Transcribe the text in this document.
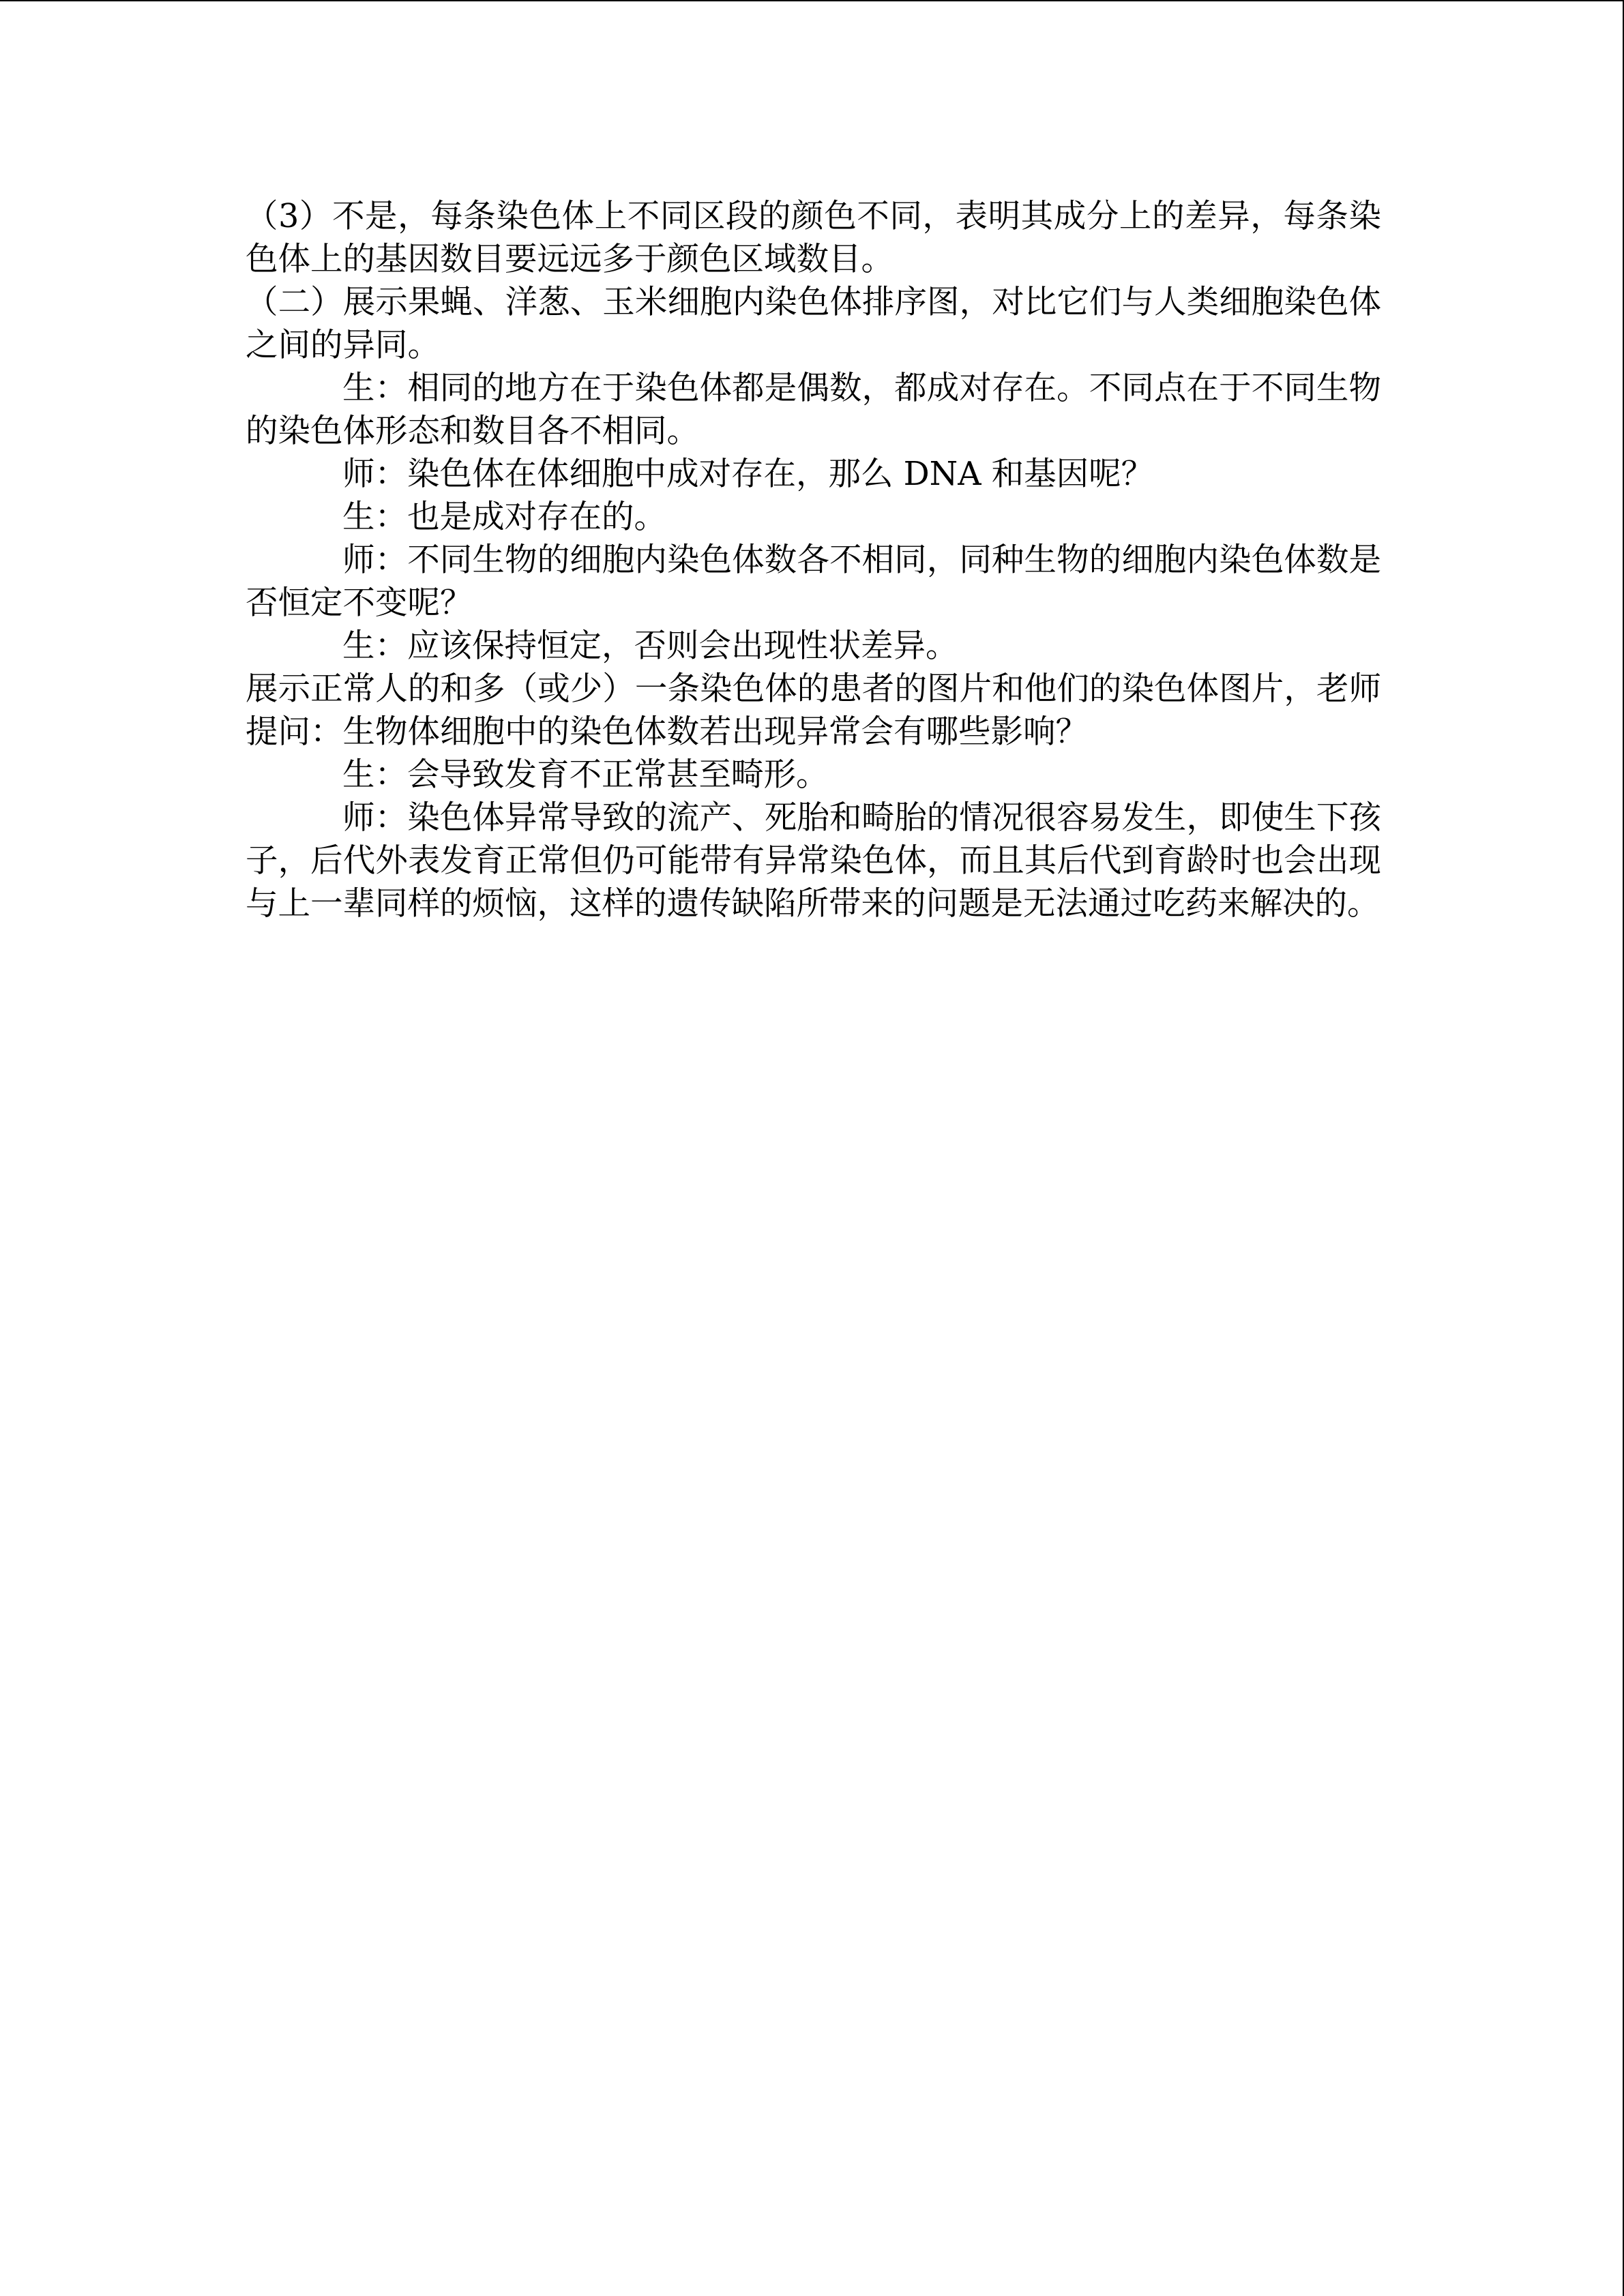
（3）不是，每条染色体上不同区段的颜色不同，表明其成分上的差异，每条染色体上的基因数目要远远多于颜色区域数目。

（二）展示果蝇、洋葱、玉米细胞内染色体排序图，对比它们与人类细胞染色体之间的异同。

生：相同的地方在于染色体都是偶数，都成对存在。不同点在于不同生物的染色体形态和数目各不相同。

师：染色体在体细胞中成对存在，那么 DNA 和基因呢？

生：也是成对存在的。

师：不同生物的细胞内染色体数各不相同，同种生物的细胞内染色体数是否恒定不变呢？

生：应该保持恒定，否则会出现性状差异。

展示正常人的和多（或少）一条染色体的患者的图片和他们的染色体图片，老师提问：生物体细胞中的染色体数若出现异常会有哪些影响？

生：会导致发育不正常甚至畸形。

师：染色体异常导致的流产、死胎和畸胎的情况很容易发生，即使生下孩子，后代外表发育正常但仍可能带有异常染色体，而且其后代到育龄时也会出现与上一辈同样的烦恼，这样的遗传缺陷所带来的问题是无法通过吃药来解决的。
